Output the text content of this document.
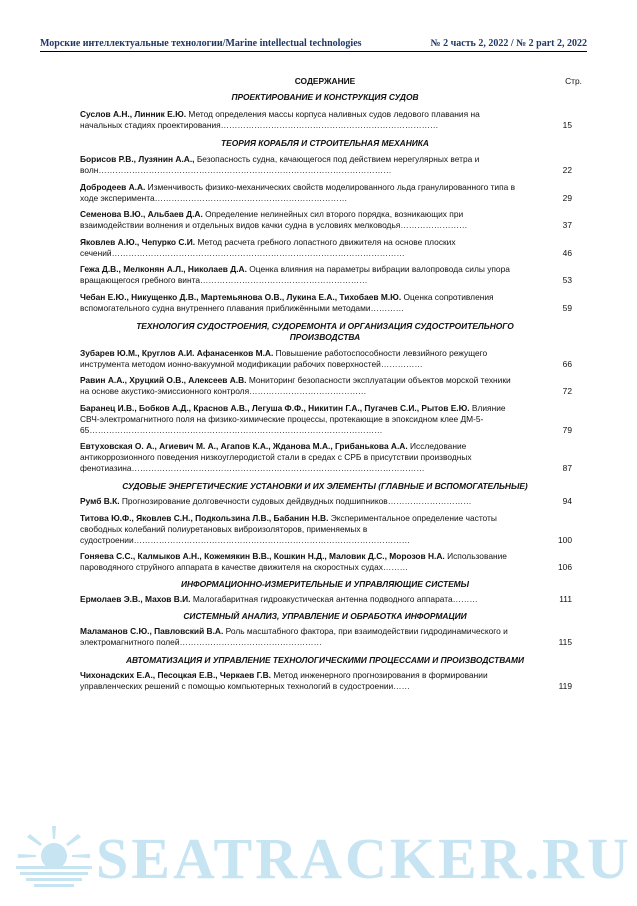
Морские интеллектуальные технологии/Marine intellectual technologies	№ 2 часть 2, 2022 / № 2 part 2, 2022
СОДЕРЖАНИЕ	Стр.
ПРОЕКТИРОВАНИЕ И КОНСТРУКЦИЯ СУДОВ
Суслов А.Н., Линник Е.Ю. Метод определения массы корпуса наливных судов ледового плавания на начальных стадиях проектирования……………………………………………………………………	15
ТЕОРИЯ КОРАБЛЯ И СТРОИТЕЛЬНАЯ МЕХАНИКА
Борисов Р.В., Лузянин А.А., Безопасность судна, качающегося под действием нерегулярных ветра и волн……………………………………………………………………………………………	22
Добродеев А.А. Изменчивость физико-механических свойств моделированного льда гранулированного типа в ходе эксперимента……………………………………………………………	29
Семенова В.Ю., Альбаев Д.А. Определение нелинейных сил второго порядка, возникающих при взаимодействии волнения и отдельных видов качки судна в условиях мелководья……………………	37
Яковлев А.Ю., Чепурко С.И. Метод расчета гребного лопастного движителя на основе плоских сечений……………………………………………………………………………………………	46
Гежа Д.В., Мелконян А.Л., Николаев Д.А. Оценка влияния на параметры вибрации валопровода силы упора вращающегося гребного винта……………………………………………………	53
Чебан Е.Ю., Никущенко Д.В., Мартемьянова О.В., Лукина Е.А., Тихобаев М.Ю. Оценка сопротивления вспомогательного судна внутреннего плавания приближёнными методами…………	59
ТЕХНОЛОГИЯ СУДОСТРОЕНИЯ, СУДОРЕМОНТА И ОРГАНИЗАЦИЯ СУДОСТРОИТЕЛЬНОГО ПРОИЗВОДСТВА
Зубарев Ю.М., Круглов А.И. Афанасенков М.А. Повышение работоспособности левзийного режущего инструмента методом ионно-вакуумной модификации рабочих поверхностей……………	66
Равин А.А., Хруцкий О.В., Алексеев А.В. Мониторинг безопасности эксплуатации объектов морской техники на основе акустико-эмиссионного контроля……………………………………	72
Баранец И.В., Бобков А.Д., Краснов А.В., Легуша Ф.Ф., Никитин Г.А., Пугачев С.И., Рытов Е.Ю. Влияние СВЧ-электромагнитного поля на физико-химические процессы, протекающие в эпоксидном клее ДМ-5-65……………………………………………………………………………………………	79
Евтуховская О. А., Агиевич М. А., Агапов К.А., Жданова М.А., Грибанькова А.А. Исследование антикоррозионного поведения низкоуглеродистой стали в средах с СРБ в присутствии производных фенотиазина……………………………………………………………………………………………	87
СУДОВЫЕ ЭНЕРГЕТИЧЕСКИЕ УСТАНОВКИ И ИХ ЭЛЕМЕНТЫ (ГЛАВНЫЕ И ВСПОМОГАТЕЛЬНЫЕ)
Румб В.К. Прогнозирование долговечности судовых дейдвудных подшипников…………………………	94
Титова Ю.Ф., Яковлев С.Н., Подкользина Л.В., Бабанин Н.В. Экспериментальное определение частоты свободных колебаний полиуретановых виброизоляторов, применяемых в судостроении………………………………………………………………………………………	100
Гоняева С.С., Калмыков А.Н., Кожемякин В.В., Кошкин Н.Д., Маловик Д.С., Морозов Н.А. Использование пароводяного струйного аппарата в качестве движителя на скоростных судах………	106
ИНФОРМАЦИОННО-ИЗМЕРИТЕЛЬНЫЕ И УПРАВЛЯЮЩИЕ СИСТЕМЫ
Ермолаев Э.В., Махов В.И. Малогабаритная гидроакустическая антенна подводного аппарата………	111
СИСТЕМНЫЙ АНАЛИЗ, УПРАВЛЕНИЕ И ОБРАБОТКА ИНФОРМАЦИИ
Маламанов С.Ю., Павловский В.А. Роль масштабного фактора, при взаимодействии гидродинамического и электромагнитного полей……………………………………………	115
АВТОМАТИЗАЦИЯ И УПРАВЛЕНИЕ ТЕХНОЛОГИЧЕСКИМИ ПРОЦЕССАМИ И ПРОИЗВОДСТВАМИ
Чихонадских Е.А., Песоцкая Е.В., Черкаев Г.В. Метод инженерного прогнозирования в формировании управленческих решений с помощью компьютерных технологий в судостроении……	119
SEATRACKER.RU
